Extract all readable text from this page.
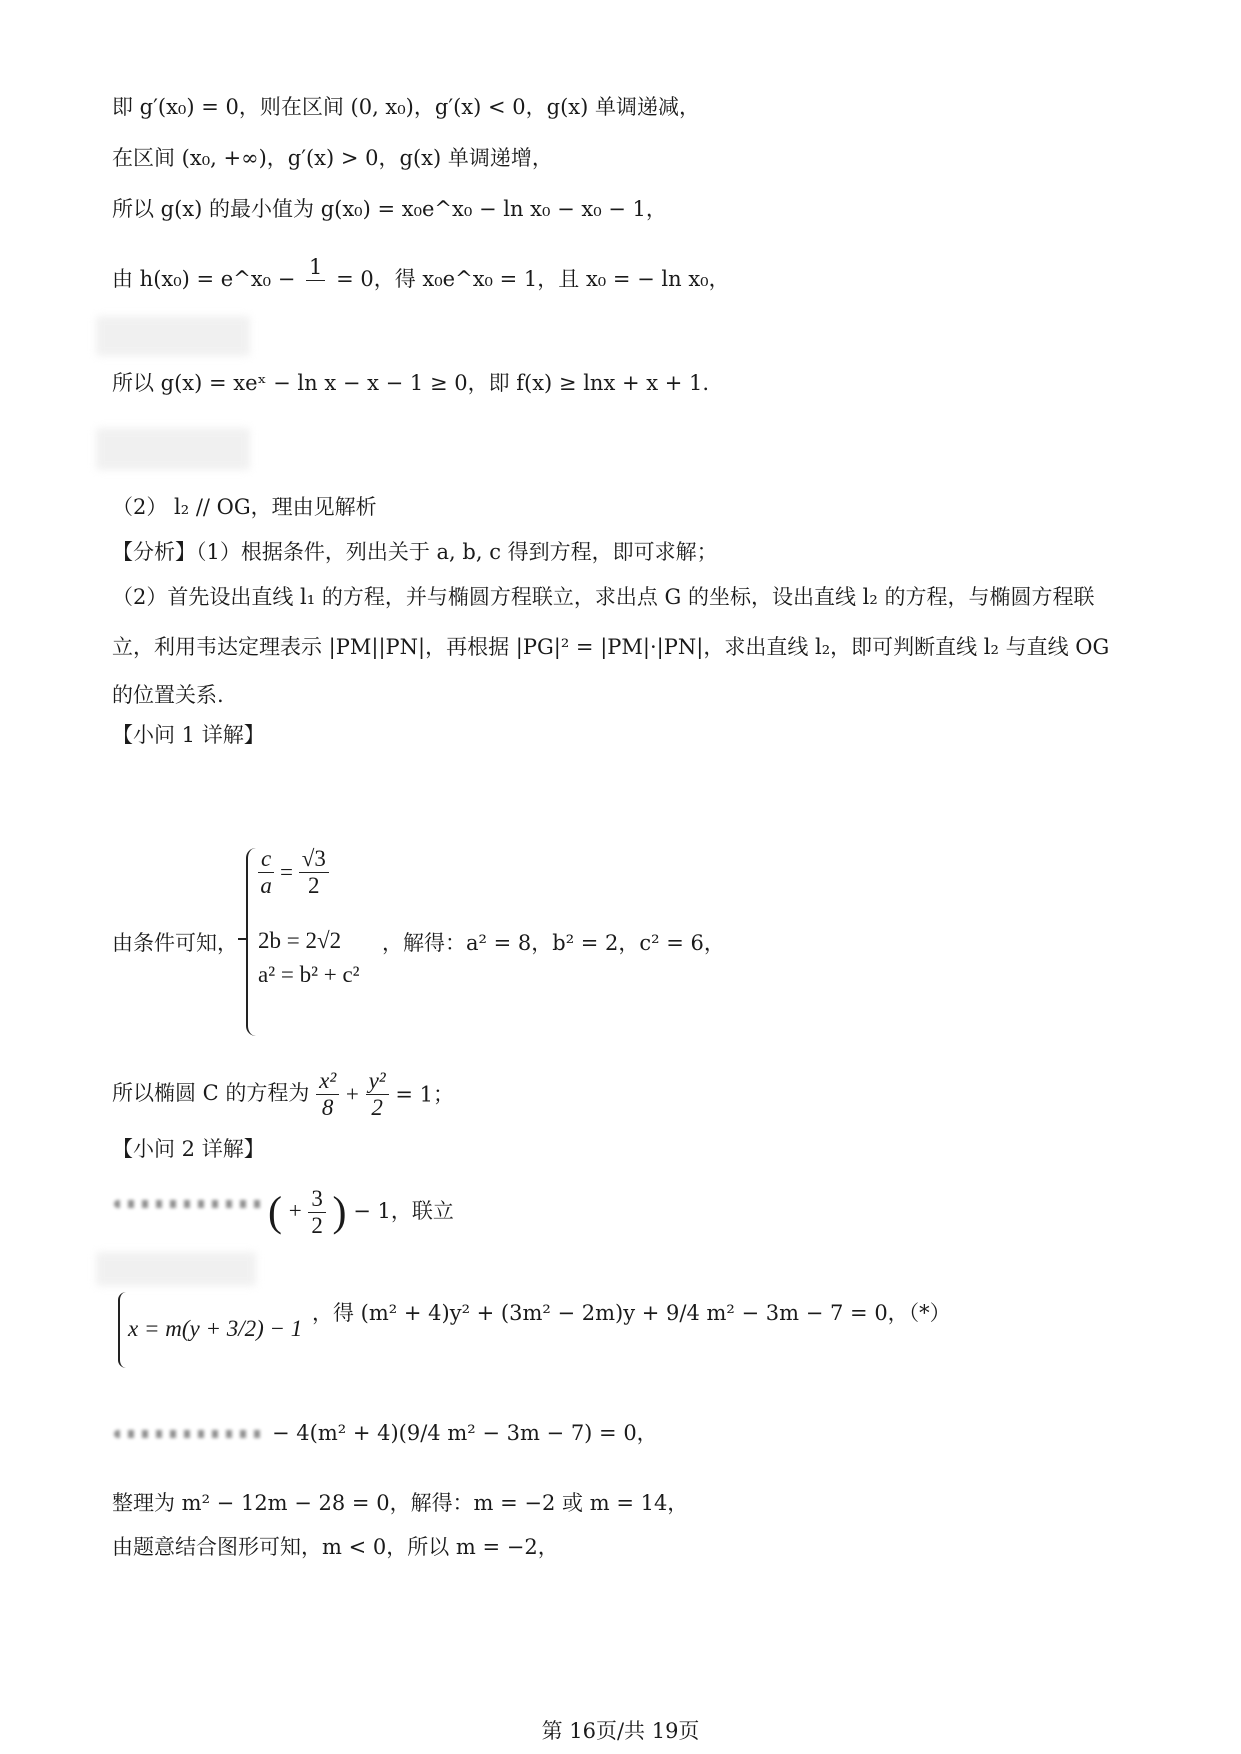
即 g′(x₀) = 0，则在区间 (0, x₀)，g′(x) < 0，g(x) 单调递减，
在区间 (x₀, +∞)，g′(x) > 0，g(x) 单调递增，
所以 g(x) 的最小值为 g(x₀) = x₀e^x₀ − ln x₀ − x₀ − 1，
由 h(x₀) = e^x₀ − 1 = 0，得 x₀e^x₀ = 1，且 x₀ = − ln x₀，
所以 g(x) = xeˣ − ln x − x − 1 ≥ 0，即 f(x) ≥ lnx + x + 1.
（2） l₂ // OG，理由见解析
【分析】（1）根据条件，列出关于 a, b, c 得到方程，即可求解；
（2）首先设出直线 l₁ 的方程，并与椭圆方程联立，求出点 G 的坐标，设出直线 l₂ 的方程，与椭圆方程联
立，利用韦达定理表示 |PM||PN|，再根据 |PG|² = |PM|·|PN|，求出直线 l₂，即可判断直线 l₂ 与直线 OG
的位置关系.
【小问 1 详解】
$\frac{c}{a} = \frac{√3}{2}$
2b = 2√2
a² = b² + c²
由条件可知，	，解得：a² = 8，b² = 2，c² = 6，
所以椭圆 C 的方程为 $\frac{\text{x²}}{8} + \frac{\text{y²}}{2} = 1$；
【小问 2 详解】
( + $\frac{3}{2}$ ) − 1，联立
x = m(y + 3/2) − 1
，得 (m² + 4)y² + (3m² − 2m)y + 9/4 m² − 3m − 7 = 0，（*）
− 4(m² + 4)(9/4 m² − 3m − 7) = 0，
整理为 m² − 12m − 28 = 0，解得：m = −2 或 m = 14，
由题意结合图形可知，m < 0，所以 m = −2，
第 16页/共 19页
